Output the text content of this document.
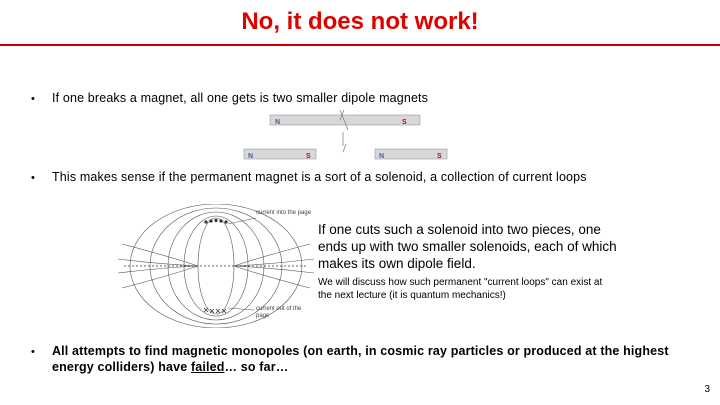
No, it does not work!
• If one breaks a magnet, all one gets is two smaller dipole magnets
N	S
N	S	N	S
• This makes sense if the permanent magnet is a sort of a solenoid, a collection of current loops
current into the page
current out of the page
If one cuts such a solenoid into two pieces, one ends up with two smaller solenoids, each of which makes its own dipole field.
We will discuss how such permanent "current loops" can exist at the next lecture (it is quantum mechanics!)
• All attempts to find magnetic monopoles (on earth, in cosmic ray particles or produced at the highest energy colliders) have failed… so far…
3
